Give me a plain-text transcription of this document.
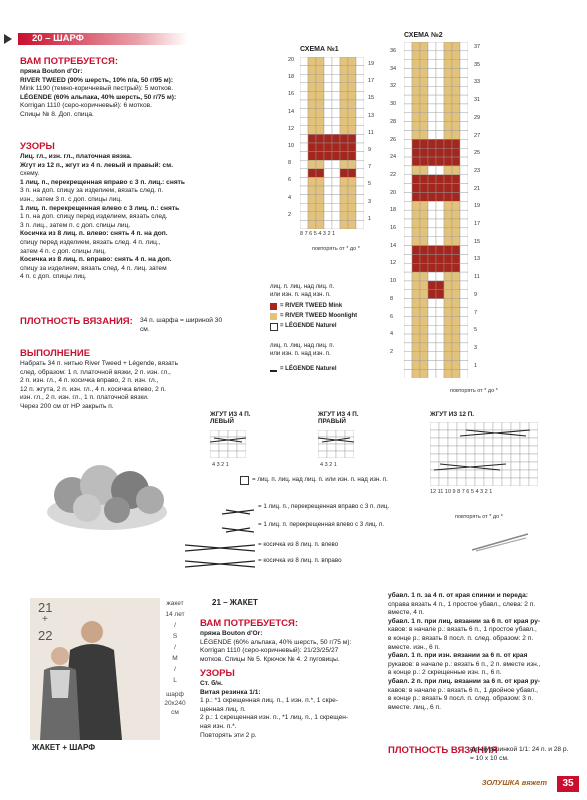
20 – ШАРФ
ВАМ ПОТРЕБУЕТСЯ:
пряжа Bouton d'Or:
RIVER TWEED (90% шерсть, 10% п/а, 50 г/95 м):
Mink 1190 (темно-коричневый пестрый): 5 мотков.
LÉGENDE (60% альпака, 40% шерсть, 50 г/75 м):
Korrigan 1110 (серо-коричневый): 6 мотков.
Спицы № 8. Доп. спица.
УЗОРЫ
Лиц. гл., изн. гл., платочная вязка.
Жгут из 12 п., жгут из 4 п. левый и правый: см.
схему.
1 лиц. п., перекрещенная вправо с 3 п. лиц.: снять
3 п. на доп. спицу за изделием, вязать след. п.
изн., затем 3 п. с доп. спицы лиц.
1 лиц. п. перекрещенная влево с 3 лиц. п.: снять
1 п. на доп. спицу перед изделием, вязать след.
3 п. лиц., затем п. с доп. спицы лиц.
Косичка из 8 лиц. п. влево: снять 4 п. на доп.
спицу перед изделием, вязать след. 4 п. лиц.,
затем 4 п. с доп. спицы лиц.
Косичка из 8 лиц. п. вправо: снять 4 п. на доп.
спицу за изделием, вязать след. 4 п. лиц. затем
4 п. с доп. спицы лиц.
ПЛОТНОСТЬ ВЯЗАНИЯ: 34 п. шарфа = шириной 30 см.
ВЫПОЛНЕНИЕ
Набрать 34 п. нитью River Tweed + Légende, вязать
след. образом: 1 п. платочной вязки, 2 п. изн. гл.,
2 п. изн. гл., 4 п. косичка вправо, 2 п. изн. гл.,
12 п. жгута, 2 п. изн. гл., 4 п. косичка влево, 2 п.
изн. гл., 2 п. изн. гл., 1 п. платочной вязки.
Через 200 см от НР закрыть п.
СХЕМА №1
20
18
16
14
12
10
8
6
4
2
19
17
15
13
11
9
7
5
3
1
8 7 6 5 4 3 2 1
повторять от * до *
СХЕМА №2
37
35
33
31
29
27
25
23
21
19
17
15
13
11
9
7
5
3
1
36
34
32
30
28
26
24
22
20
18
16
14
12
10
8
6
4
2
повторять от * до *
лиц. п. лиц. над лиц. п.
или изн. п. над изн. п.
= RIVER TWEED Mink
= RIVER TWEED Moonlight
= LÉGENDE Naturel
лиц. п. лиц. над лиц. п.
или изн. п. над изн. п.
= LÉGENDE Naturel
ЖГУТ ИЗ 4 П. ЛЕВЫЙ
4 3 2 1
ЖГУТ ИЗ 4 П. ПРАВЫЙ
4 3 2 1
ЖГУТ ИЗ 12 П.
12 11 10 9 8 7 6 5 4 3 2 1
повторять от * до *
= лиц. п. лиц. над лиц. п. или изн. п. над изн. п.
= 1 лиц. п., перекрещенная вправо с 3 п. лиц.
= 1 лиц. п. перекрещенная влево с 3 лиц. п.
= косичка из 8 лиц. п. влево
= косичка из 8 лиц. п. вправо
21
+
22
ЖАКЕТ + ШАРФ
жакет
14 лет
/
S
/
M
/
L
шарф
20x240
см
21 – ЖАКЕТ
ВАМ ПОТРЕБУЕТСЯ:
пряжа Bouton d'Or:
LÉGENDE (60% альпака, 40% шерсть, 50 г/75 м):
Korrigan 1110 (серо-коричневый): 21/23/25/27
мотков. Спицы № 5. Крючок № 4. 2 пуговицы.
УЗОРЫ
Ст. б/н.
Витая резинка 1/1:
1 р.: *1 скрещенная лиц. п., 1 изн. п.*, 1 скре-
щенная лиц. п.
2 р.: 1 скрещенная изн. п., *1 лиц. п., 1 скрещен-
ная изн. п.*.
Повторять эти 2 р.
убавл. 1 п. за 4 п. от края спинки и переда:
справа вязать 4 п., 1 простое убавл., слева: 2 п.
вместе, 4 п.
убавл. 1 п. при лиц. вязании за 6 п. от края ру-
кавов: в начале р.: вязать 6 п., 1 простое убавл.,
в конце р.: вязать 8 посл. п. след. образом: 2 п.
вместе. изн., 6 п.
убавл. 1 п. при изн. вязании за 6 п. от края
рукавов: в начале р.: вязать 6 п., 2 п. вместе изн.,
в конце р.: 2 скрещенные изн. п., 6 п.
убавл. 2 п. при лиц. вязании за 6 п. от края ру-
кавов: в начале р.: вязать 6 п., 1 двойное убавл.,
в конце р.: вязать 9 посл. п. след. образом: 3 п.
вместе. лиц., 6 п.
ПЛОТНОСТЬ ВЯЗАНИЯ
витой резинкой 1/1: 24 п. и 28 р. = 10 х 10 см.
ЗОЛУШКА вяжет	35
